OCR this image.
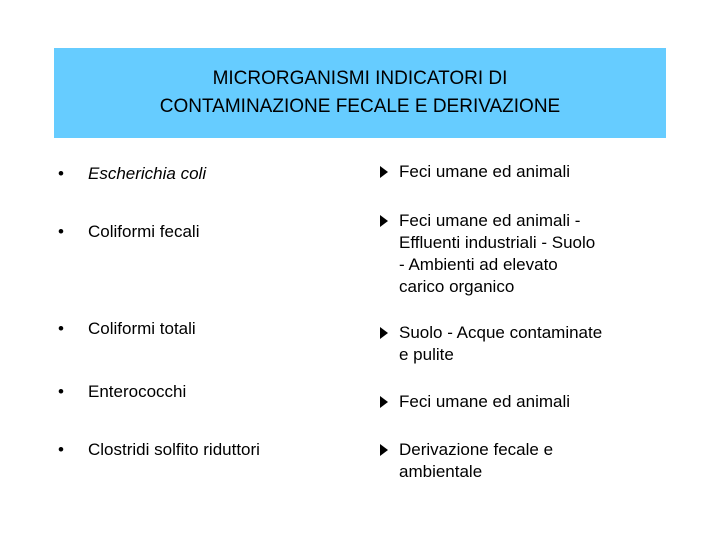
MICRORGANISMI INDICATORI DI
CONTAMINAZIONE FECALE E DERIVAZIONE
• Escherichia coli
• Coliformi fecali
• Coliformi totali
• Enterococchi
• Clostridi solfito riduttori
Feci umane ed animali
Feci umane ed animali -
Effluenti industriali - Suolo
- Ambienti ad elevato
carico organico
Suolo - Acque contaminate
e pulite
Feci umane ed animali
Derivazione fecale e
ambientale
